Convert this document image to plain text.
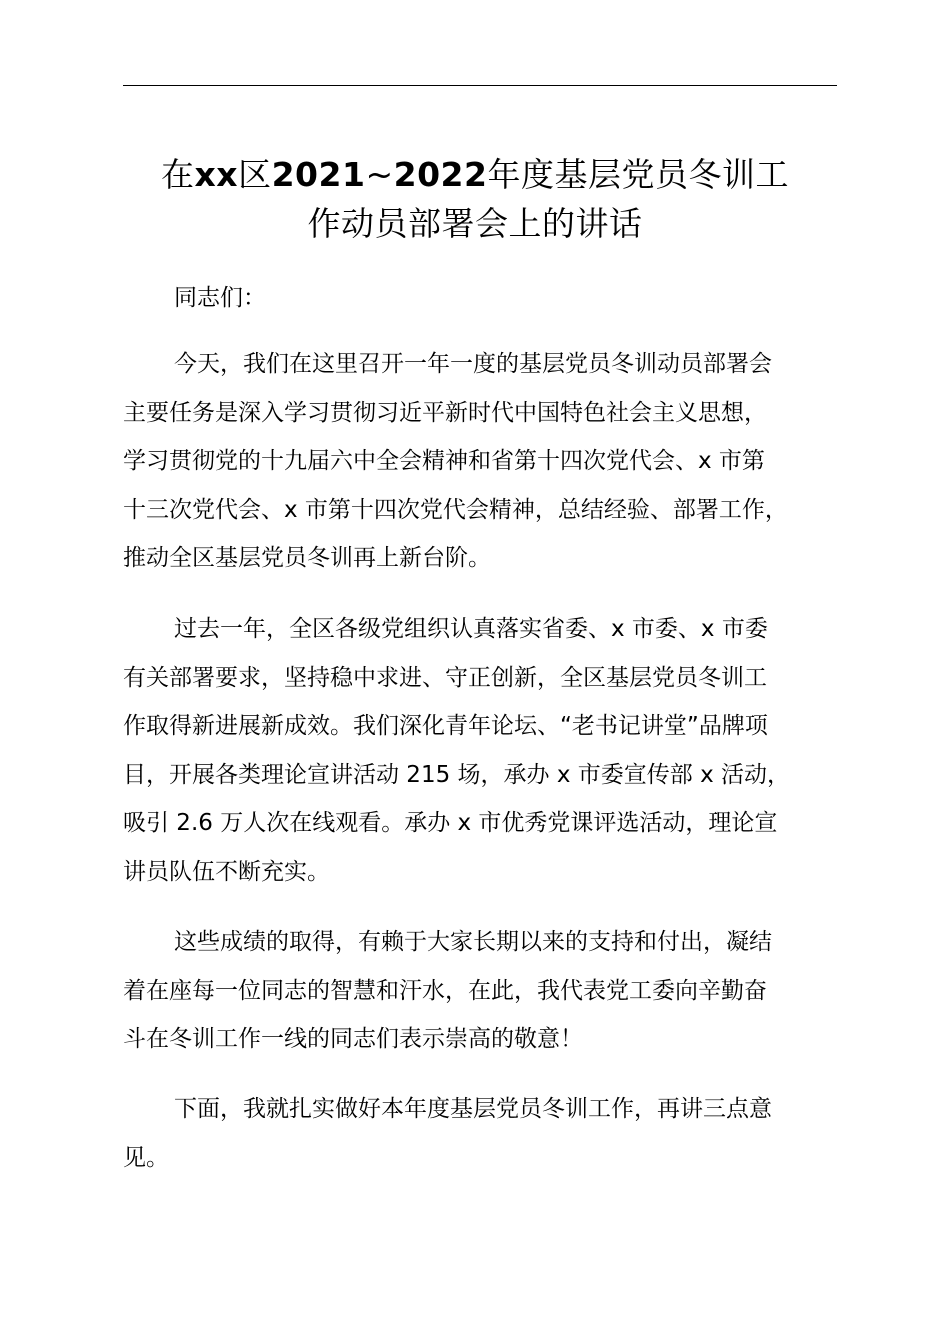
在xx区2021~2022年度基层党员冬训工
作动员部署会上的讲话
同志们：
今天，我们在这里召开一年一度的基层党员冬训动员部署会
主要任务是深入学习贯彻习近平新时代中国特色社会主义思想，
学习贯彻党的十九届六中全会精神和省第十四次党代会、x 市第
十三次党代会、x 市第十四次党代会精神，总结经验、部署工作，
推动全区基层党员冬训再上新台阶。
过去一年，全区各级党组织认真落实省委、x 市委、x 市委
有关部署要求，坚持稳中求进、守正创新，全区基层党员冬训工
作取得新进展新成效。我们深化青年论坛、“老书记讲堂”品牌项
目，开展各类理论宣讲活动 215 场，承办 x 市委宣传部 x 活动，
吸引 2.6 万人次在线观看。承办 x 市优秀党课评选活动，理论宣
讲员队伍不断充实。
这些成绩的取得，有赖于大家长期以来的支持和付出，凝结
着在座每一位同志的智慧和汗水，在此，我代表党工委向辛勤奋
斗在冬训工作一线的同志们表示崇高的敬意！
下面，我就扎实做好本年度基层党员冬训工作，再讲三点意
见。
